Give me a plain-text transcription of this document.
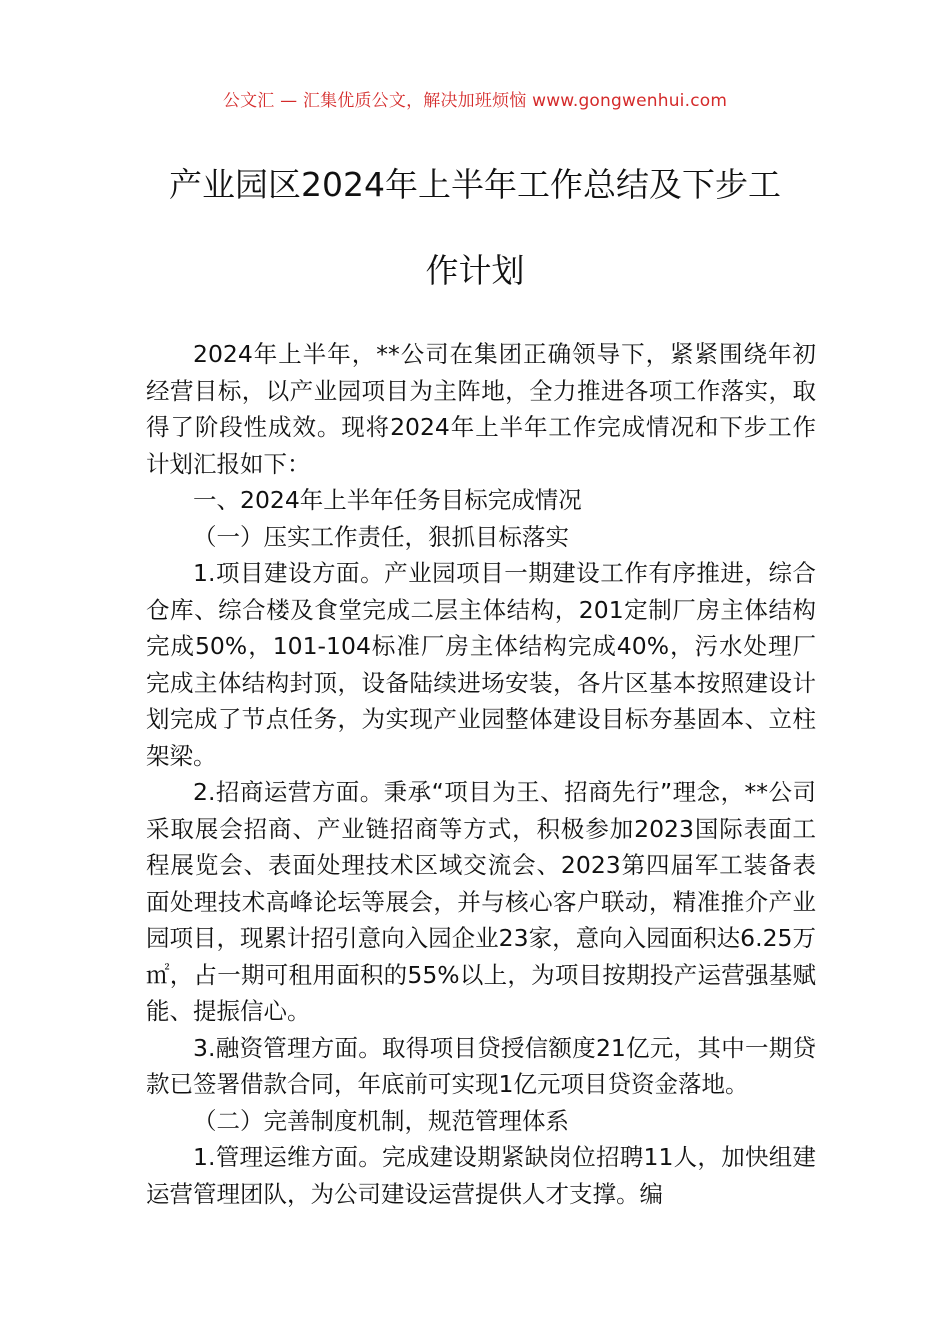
公文汇 — 汇集优质公文，解决加班烦恼 www.gongwenhui.com
产业园区2024年上半年工作总结及下步工
作计划

2024年上半年，**公司在集团正确领导下，紧紧围绕年初经营目标，以产业园项目为主阵地，全力推进各项工作落实，取得了阶段性成效。现将2024年上半年工作完成情况和下步工作计划汇报如下：

一、2024年上半年任务目标完成情况

（一）压实工作责任，狠抓目标落实

1.项目建设方面。产业园项目一期建设工作有序推进，综合仓库、综合楼及食堂完成二层主体结构，201定制厂房主体结构完成50%，101-104标准厂房主体结构完成40%，污水处理厂完成主体结构封顶，设备陆续进场安装，各片区基本按照建设计划完成了节点任务，为实现产业园整体建设目标夯基固本、立柱架梁。

2.招商运营方面。秉承“项目为王、招商先行”理念，**公司采取展会招商、产业链招商等方式，积极参加2023国际表面工程展览会、表面处理技术区域交流会、2023第四届军工装备表面处理技术高峰论坛等展会，并与核心客户联动，精准推介产业园项目，现累计招引意向入园企业23家，意向入园面积达6.25万㎡，占一期可租用面积的55%以上，为项目按期投产运营强基赋能、提振信心。

3.融资管理方面。取得项目贷授信额度21亿元，其中一期贷款已签署借款合同，年底前可实现1亿元项目贷资金落地。

（二）完善制度机制，规范管理体系

1.管理运维方面。完成建设期紧缺岗位招聘11人，加快组建运营管理团队，为公司建设运营提供人才支撑。编
